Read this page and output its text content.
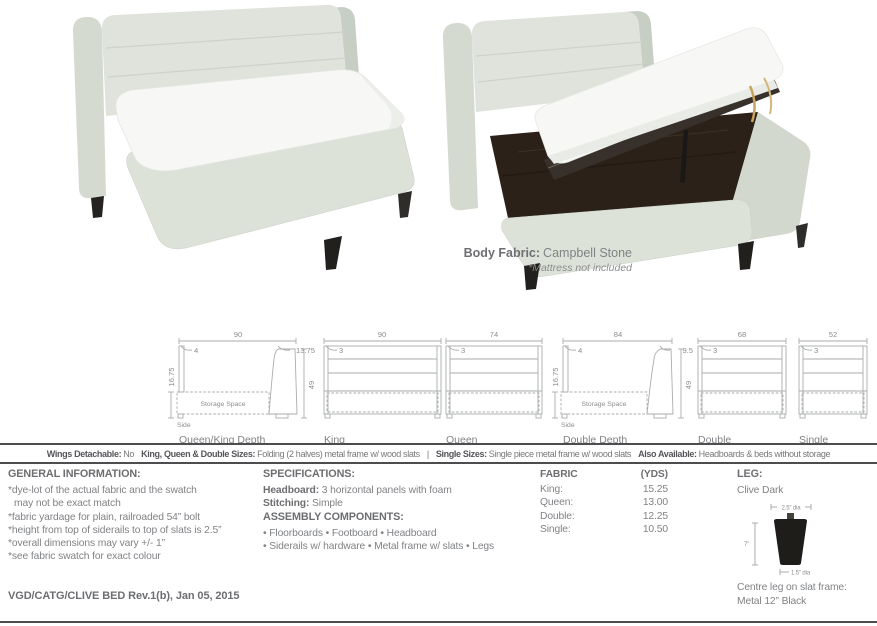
Body Fabric: Campbell Stone
*Mattress not included
90
4	13.75
Storage Space
49
16.75
Side
Queen/King Depth
90
3
King
74
3
Queen
84
4	9.5
Storage Space
49
16.75
Side
Double Depth
68
3
Double
52
3
Single
Wings Detachable: No King, Queen & Double Sizes: Folding (2 halves) metal frame w/ wood slats | Single Sizes: Single piece metal frame w/ wood slats Also Available: Headboards & beds without storage
GENERAL INFORMATION:
*dye-lot of the actual fabric and the swatch
may not be exact match
*fabric yardage for plain, railroaded 54” bolt
*height from top of siderails to top of slats is 2.5”
*overall dimensions may vary +/- 1”
*see fabric swatch for exact colour
SPECIFICATIONS:
Headboard: 3 horizontal panels with foam
Stitching: Simple
ASSEMBLY COMPONENTS:
• Floorboards • Footboard • Headboard
• Siderails w/ hardware • Metal frame w/ slats • Legs
FABRIC	(YDS)
King:	15.25
Queen:	13.00
Double:	12.25
Single:	10.50
LEG:
Clive Dark
2.5” dia
7”
1.5” dia
Centre leg on slat frame:
Metal 12” Black
VGD/CATG/CLIVE BED Rev.1(b), Jan 05, 2015
